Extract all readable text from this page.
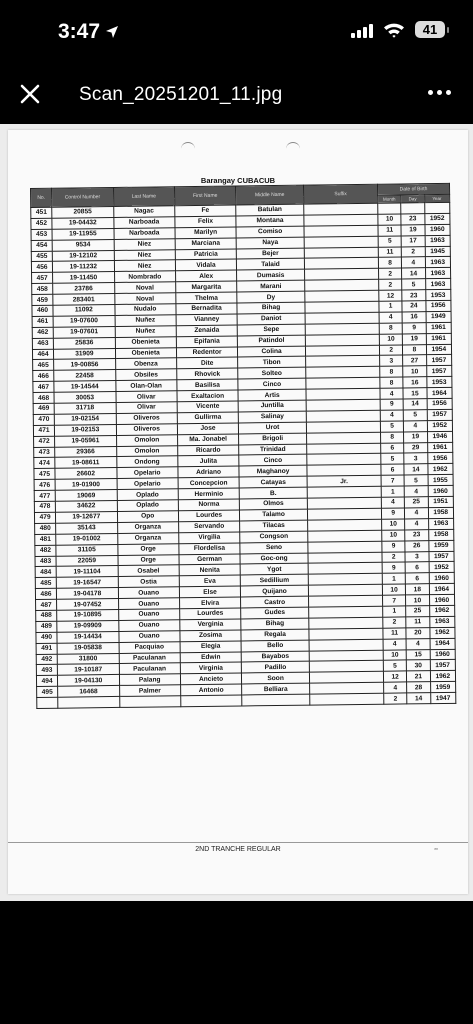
3:47	41
Scan_20251201_11.jpg
Barangay CUBACUB
No.	Control Number	Last Name	First Name	Middle Name	Suffix	Date of Birth		
						Month	Day	Year
451	20855	Nagac	Fe	Batulan				
452	19-04432	Narboada	Felix	Montana		10	23	1952
453	19-11955	Narboada	Marilyn	Comiso		11	19	1960
454	9534	Niez	Marciana	Naya		5	17	1963
455	19-12102	Niez	Patricia	Bejer		11	2	1945
456	19-11232	Niez	Vidala	Talaid		8	4	1963
457	19-11450	Nombrado	Alex	Dumasis		2	14	1963
458	23786	Noval	Margarita	Marani		2	5	1963
459	283401	Noval	Thelma	Dy		12	23	1953
460	11092	Nudalo	Bernadita	Bihag		1	24	1956
461	19-07600	Nuñez	Vianney	Daniot		4	16	1949
462	19-07601	Nuñez	Zenaida	Sepe		8	9	1961
463	25836	Obenieta	Epifania	Patindol		10	19	1961
464	31909	Obenieta	Redentor	Colina		2	8	1954
465	19-00856	Obenza	Dite	Tibon		3	27	1957
466	22458	Obsiles	Rhovick	Solteo		8	10	1957
467	19-14544	Olan-Olan	Basilisa	Cinco		8	16	1953
468	30053	Olivar	Exaltacion	Artis		4	15	1964
469	31718	Olivar	Vicente	Juntilla		9	14	1956
470	19-02154	Oliveros	Gullirma	Salinay		4	5	1957
471	19-02153	Oliveros	Jose	Urot		5	4	1952
472	19-05961	Omolon	Ma. Jonabel	Brigoli		8	19	1946
473	29366	Omolon	Ricardo	Trinidad		6	29	1961
474	19-08611	Ondong	Julita	Cinco		5	3	1956
475	26602	Opelario	Adriano	Maghanoy		6	14	1962
476	19-01900	Opelario	Concepcion	Catayas	Jr.	7	5	1955
477	19069	Oplado	Herminio	B.		1	4	1960
478	34622	Oplado	Norma	Olmos		4	25	1951
479	19-12677	Opo	Lourdes	Talamo		9	4	1958
480	35143	Organza	Servando	Tilacas		10	4	1963
481	19-01002	Organza	Virgilia	Congson		10	23	1958
482	31105	Orge	Flordelisa	Seno		9	26	1959
483	22059	Orge	German	Goc-ong		2	3	1957
484	19-11104	Osabel	Nenita	Ygot		9	6	1952
485	19-16547	Ostia	Eva	Sedillium		1	6	1960
486	19-04178	Ouano	Else	Quijano		10	18	1964
487	19-07452	Ouano	Elvira	Castro		7	10	1960
488	19-10895	Ouano	Lourdes	Gudes		1	25	1962
489	19-09909	Ouano	Verginia	Bihag		2	11	1963
490	19-14434	Ouano	Zosima	Regala		11	20	1962
491	19-05838	Pacquiao	Elegia	Bello		4	4	1964
492	31800	Paculanan	Edwin	Bayabos		10	15	1960
493	19-10187	Paculanan	Virginia	Padillo		5	30	1957
494	19-04130	Palang	Ancieto	Soon		12	21	1962
495	16468	Palmer	Antonio	Belliara		4	28	1959
						2	14	1947
2ND TRANCHE REGULAR	**
